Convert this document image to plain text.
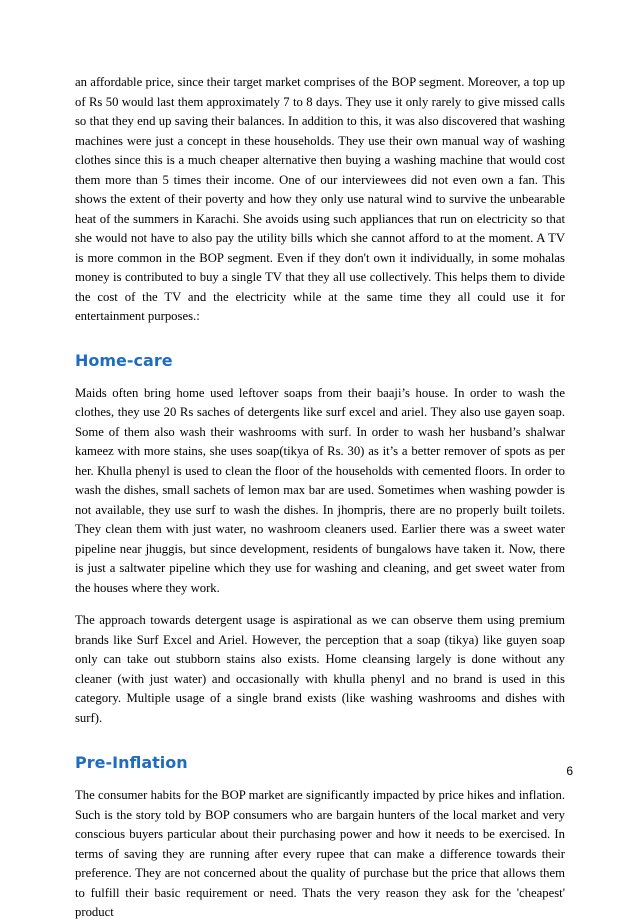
an affordable price, since their target market comprises of the BOP segment. Moreover, a top up of Rs 50 would last them approximately 7 to 8 days. They use it only rarely to give missed calls so that they end up saving their balances. In addition to this, it was also discovered that washing machines were just a concept in these households. They use their own manual way of washing clothes since this is a much cheaper alternative then buying a washing machine that would cost them more than 5 times their income. One of our interviewees did not even own a fan. This shows the extent of their poverty and how they only use natural wind to survive the unbearable heat of the summers in Karachi. She avoids using such appliances that run on electricity so that she would not have to also pay the utility bills which she cannot afford to at the moment. A TV is more common in the BOP segment. Even if they don't own it individually, in some mohalas money is contributed to buy a single TV that they all use collectively. This helps them to divide the cost of the TV and the electricity while at the same time they all could use it for entertainment purposes.:

Home-care

Maids often bring home used leftover soaps from their baaji’s house. In order to wash the clothes, they use 20 Rs saches of detergents like surf excel and ariel. They also use gayen soap. Some of them also wash their washrooms with surf. In order to wash her husband’s shalwar kameez with more stains, she uses soap(tikya of Rs. 30) as it’s a better remover of spots as per her. Khulla phenyl is used to clean the floor of the households with cemented floors. In order to wash the dishes, small sachets of lemon max bar are used. Sometimes when washing powder is not available, they use surf to wash the dishes. In jhompris, there are no properly built toilets. They clean them with just water, no washroom cleaners used. Earlier there was a sweet water pipeline near jhuggis, but since development, residents of bungalows have taken it. Now, there is just a saltwater pipeline which they use for washing and cleaning, and get sweet water from the houses where they work.

The approach towards detergent usage is aspirational as we can observe them using premium brands like Surf Excel and Ariel. However, the perception that a soap (tikya) like guyen soap only can take out stubborn stains also exists. Home cleansing largely is done without any cleaner (with just water) and occasionally with khulla phenyl and no brand is used in this category. Multiple usage of a single brand exists (like washing washrooms and dishes with surf).

Pre-Inflation

The consumer habits for the BOP market are significantly impacted by price hikes and inflation. Such is the story told by BOP consumers who are bargain hunters of the local market and very conscious buyers particular about their purchasing power and how it needs to be exercised. In terms of saving they are running after every rupee that can make a difference towards their preference. They are not concerned about the quality of purchase but the price that allows them to fulfill their basic requirement or need. Thats the very reason they ask for the 'cheapest' product

6
